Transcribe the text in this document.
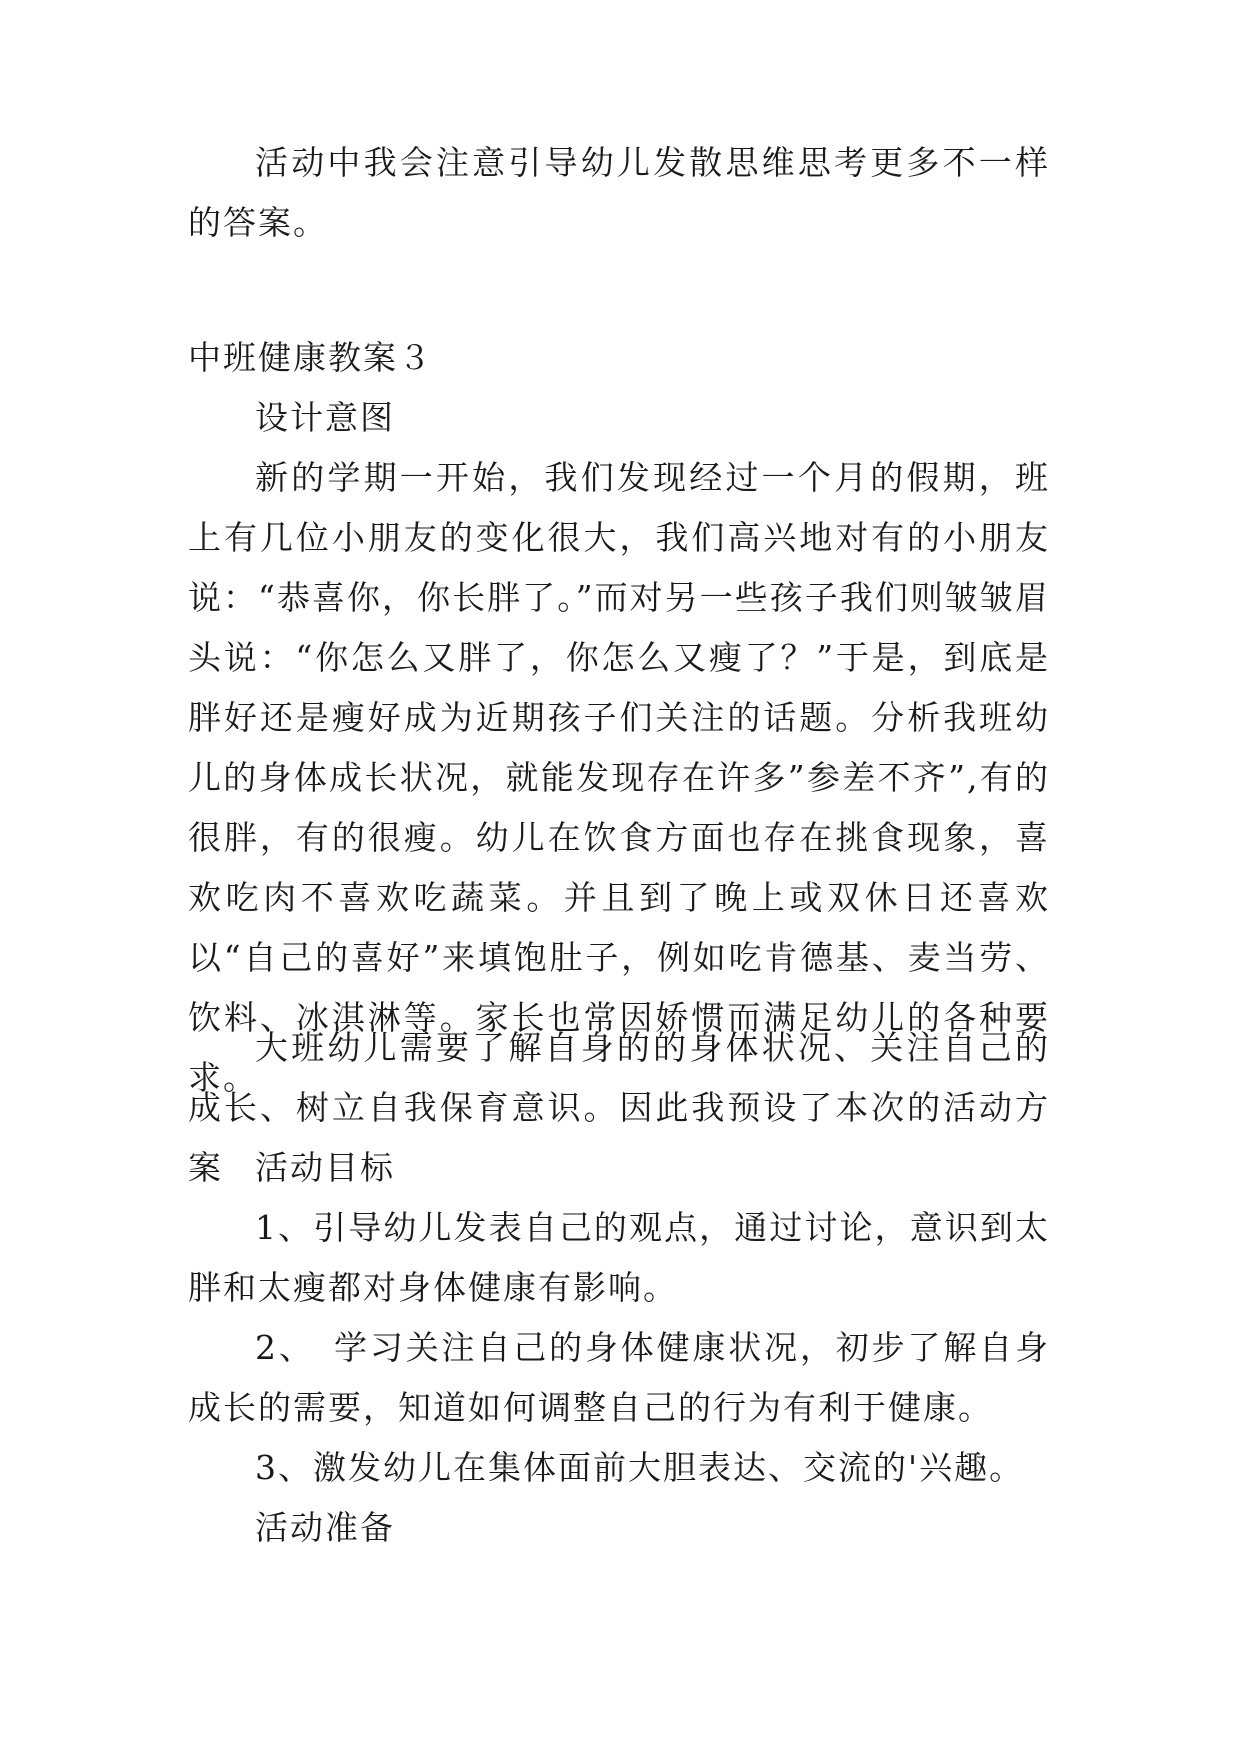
活动中我会注意引导幼儿发散思维思考更多不一样的答案。

中班健康教案３

设计意图

新的学期一开始，我们发现经过一个月的假期，班上有几位小朋友的变化很大，我们高兴地对有的小朋友说：“恭喜你，你长胖了。”而对另一些孩子我们则皱皱眉头说：“你怎么又胖了，你怎么又瘦了？”于是，到底是胖好还是瘦好成为近期孩子们关注的话题。分析我班幼儿的身体成长状况，就能发现存在许多”参差不齐”,有的很胖，有的很瘦。幼儿在饮食方面也存在挑食现象，喜欢吃肉不喜欢吃蔬菜。并且到了晚上或双休日还喜欢以“自己的喜好”来填饱肚子，例如吃肯德基、麦当劳、饮料、冰淇淋等。家长也常因娇惯而满足幼儿的各种要求。

大班幼儿需要了解自身的的身体状况、关注自己的成长、树立自我保育意识。因此我预设了本次的活动方案 活动目标

1、引导幼儿发表自己的观点，通过讨论，意识到太胖和太瘦都对身体健康有影响。

2、　学习关注自己的身体健康状况，初步了解自身成长的需要，知道如何调整自己的行为有利于健康。

3、激发幼儿在集体面前大胆表达、交流的'兴趣。

活动准备
